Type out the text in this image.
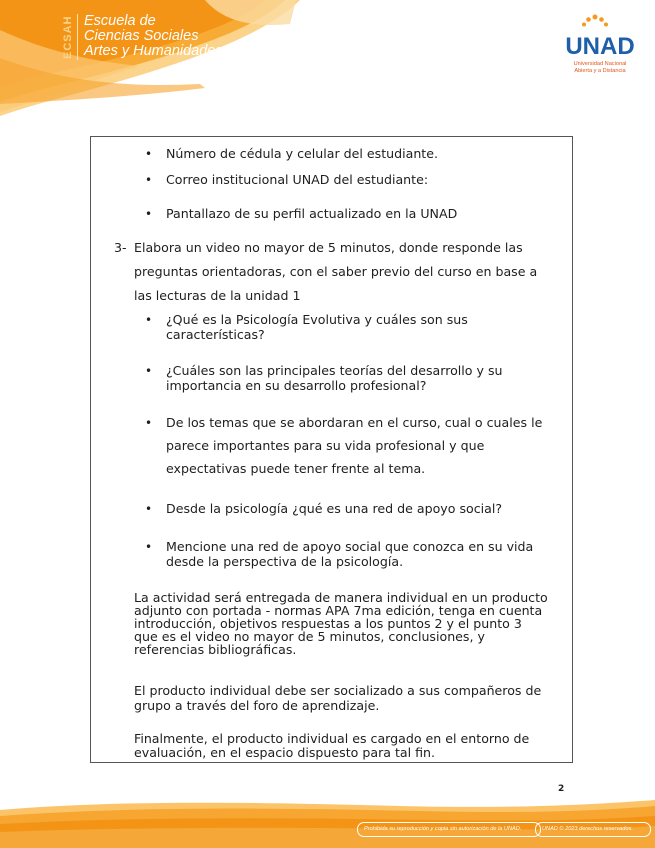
ECSAH Escuela de
Ciencias Sociales
Artes y Humanidades	UNAD
Universidad Nacional
Abierta y a Distancia
• Número de cédula y celular del estudiante.
• Correo institucional UNAD del estudiante:
• Pantallazo de su perfil actualizado en la UNAD
3- Elabora un video no mayor de 5 minutos, donde responde las
preguntas orientadoras, con el saber previo del curso en base a
las lecturas de la unidad 1
• ¿Qué es la Psicología Evolutiva y cuáles son sus
características?
• ¿Cuáles son las principales teorías del desarrollo y su
importancia en su desarrollo profesional?
• De los temas que se abordaran en el curso, cual o cuales le
parece importantes para su vida profesional y que
expectativas puede tener frente al tema.
• Desde la psicología ¿qué es una red de apoyo social?
• Mencione una red de apoyo social que conozca en su vida
desde la perspectiva de la psicología.
La actividad será entregada de manera individual en un producto
adjunto con portada - normas APA 7ma edición, tenga en cuenta
introducción, objetivos respuestas a los puntos 2 y el punto 3
que es el video no mayor de 5 minutos, conclusiones, y
referencias bibliográficas.
El producto individual debe ser socializado a sus compañeros de
grupo a través del foro de aprendizaje.
Finalmente, el producto individual es cargado en el entorno de
evaluación, en el espacio dispuesto para tal fin.
2
Prohibida su reproducción y copia sin autorización de la UNAD.	UNAD © 2023 derechos reservados.
